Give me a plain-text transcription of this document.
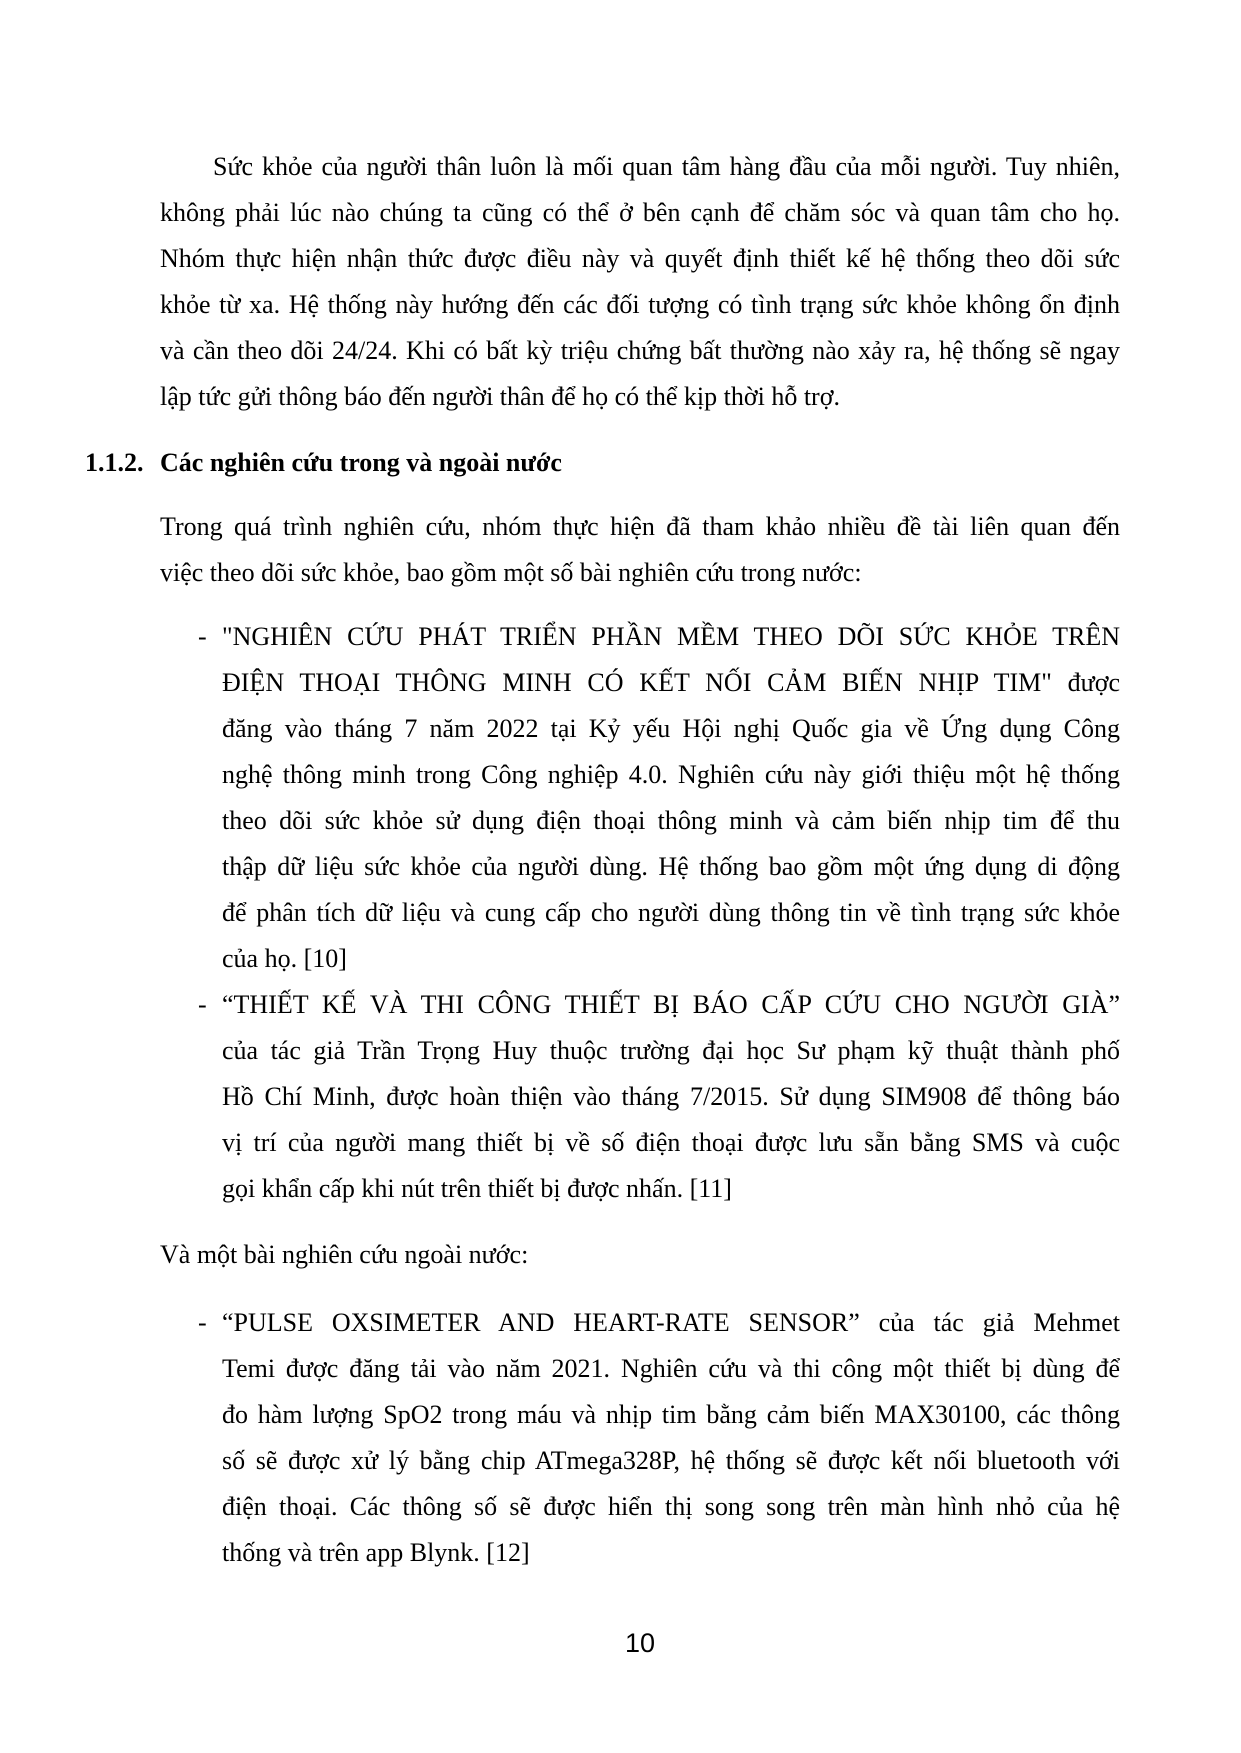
Sức khỏe của người thân luôn là mối quan tâm hàng đầu của mỗi người. Tuy nhiên,
không phải lúc nào chúng ta cũng có thể ở bên cạnh để chăm sóc và quan tâm cho họ.
Nhóm thực hiện nhận thức được điều này và quyết định thiết kế hệ thống theo dõi sức
khỏe từ xa. Hệ thống này hướng đến các đối tượng có tình trạng sức khỏe không ổn định
và cần theo dõi 24/24. Khi có bất kỳ triệu chứng bất thường nào xảy ra, hệ thống sẽ ngay
lập tức gửi thông báo đến người thân để họ có thể kịp thời hỗ trợ.
1.1.2. Các nghiên cứu trong và ngoài nước
Trong quá trình nghiên cứu, nhóm thực hiện đã tham khảo nhiều đề tài liên quan đến
việc theo dõi sức khỏe, bao gồm một số bài nghiên cứu trong nước:
- "NGHIÊN CỨU PHÁT TRIỂN PHẦN MỀM THEO DÕI SỨC KHỎE TRÊN
ĐIỆN THOẠI THÔNG MINH CÓ KẾT NỐI CẢM BIẾN NHỊP TIM" được
đăng vào tháng 7 năm 2022 tại Kỷ yếu Hội nghị Quốc gia về Ứng dụng Công
nghệ thông minh trong Công nghiệp 4.0. Nghiên cứu này giới thiệu một hệ thống
theo dõi sức khỏe sử dụng điện thoại thông minh và cảm biến nhịp tim để thu
thập dữ liệu sức khỏe của người dùng. Hệ thống bao gồm một ứng dụng di động
để phân tích dữ liệu và cung cấp cho người dùng thông tin về tình trạng sức khỏe
của họ. [10]
- “THIẾT KẾ VÀ THI CÔNG THIẾT BỊ BÁO CẤP CỨU CHO NGƯỜI GIÀ”
của tác giả Trần Trọng Huy thuộc trường đại học Sư phạm kỹ thuật thành phố
Hồ Chí Minh, được hoàn thiện vào tháng 7/2015. Sử dụng SIM908 để thông báo
vị trí của người mang thiết bị về số điện thoại được lưu sẵn bằng SMS và cuộc
gọi khẩn cấp khi nút trên thiết bị được nhấn. [11]
Và một bài nghiên cứu ngoài nước:
- “PULSE OXSIMETER AND HEART-RATE SENSOR” của tác giả Mehmet
Temi được đăng tải vào năm 2021. Nghiên cứu và thi công một thiết bị dùng để
đo hàm lượng SpO2 trong máu và nhịp tim bằng cảm biến MAX30100, các thông
số sẽ được xử lý bằng chip ATmega328P, hệ thống sẽ được kết nối bluetooth với
điện thoại. Các thông số sẽ được hiển thị song song trên màn hình nhỏ của hệ
thống và trên app Blynk. [12]
10
